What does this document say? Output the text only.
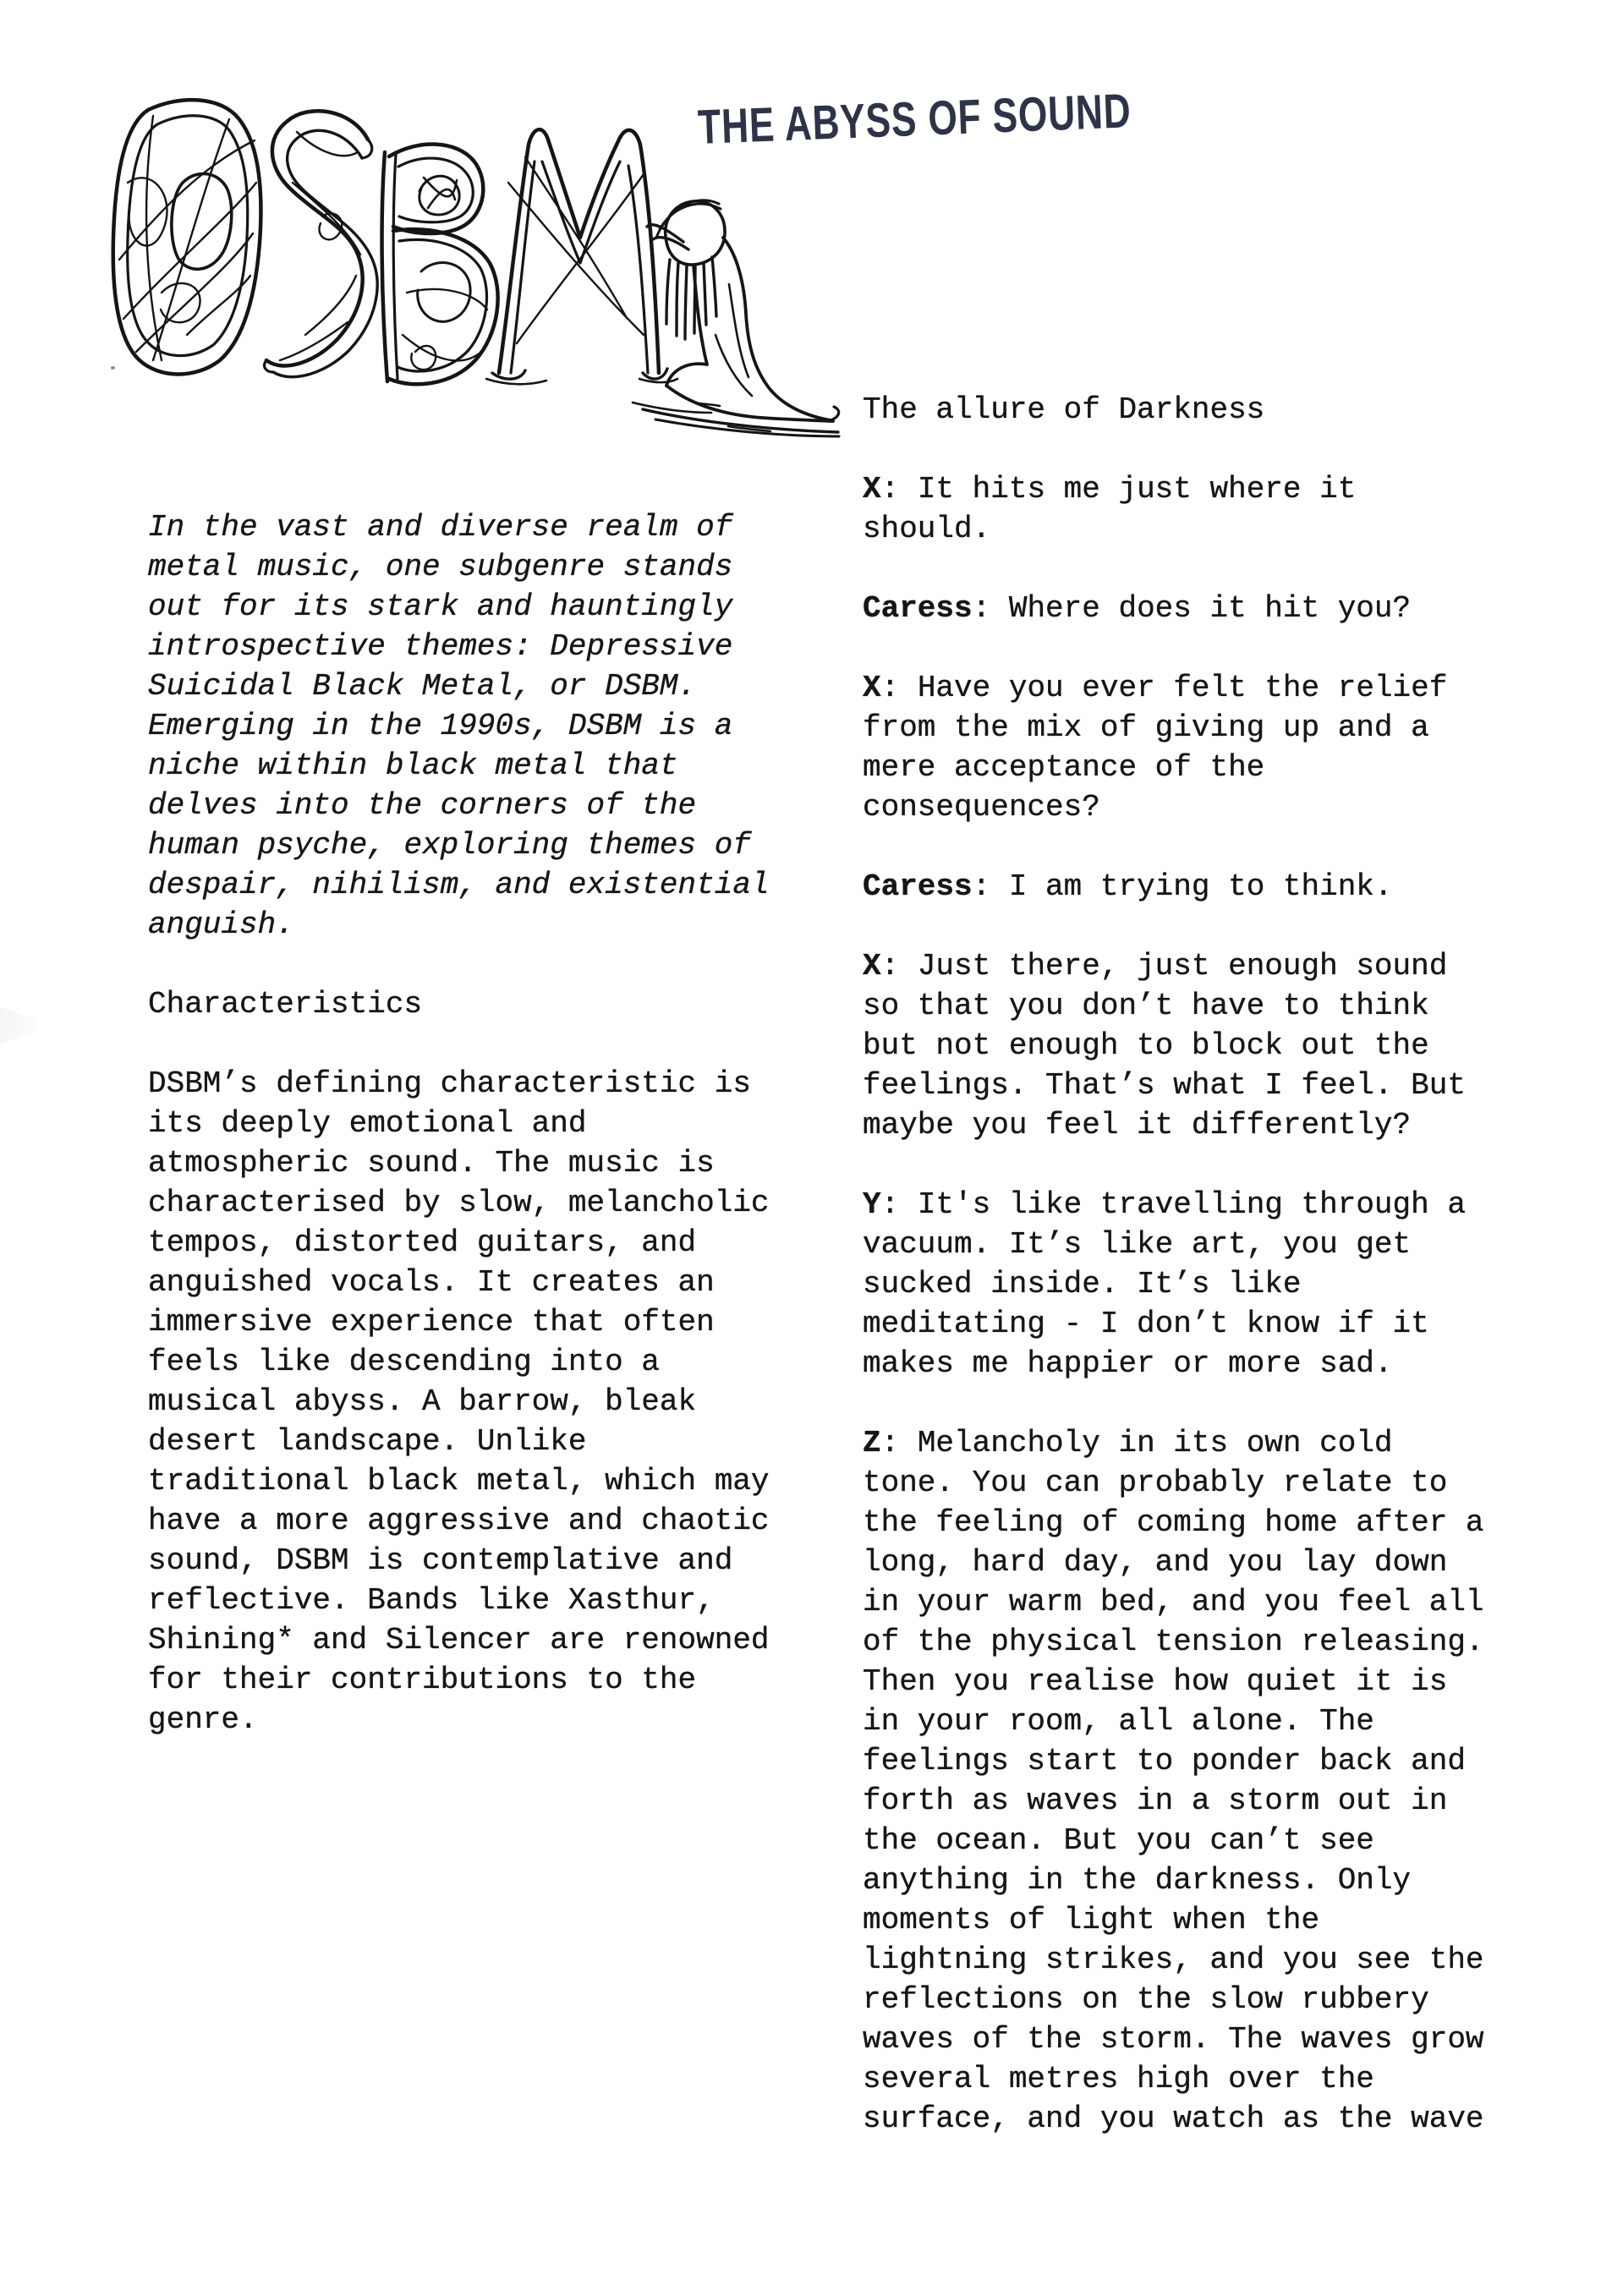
THE ABYSS OF SOUND

In the vast and diverse realm of metal music, one subgenre stands out for its stark and hauntingly introspective themes: Depressive Suicidal Black Metal, or DSBM. Emerging in the 1990s, DSBM is a niche within black metal that delves into the corners of the human psyche, exploring themes of despair, nihilism, and existential anguish.

Characteristics

DSBM’s defining characteristic is its deeply emotional and atmospheric sound. The music is characterised by slow, melancholic tempos, distorted guitars, and anguished vocals. It creates an immersive experience that often feels like descending into a musical abyss. A barrow, bleak desert landscape. Unlike traditional black metal, which may have a more aggressive and chaotic sound, DSBM is contemplative and reflective. Bands like Xasthur, Shining* and Silencer are renowned for their contributions to the genre.

The allure of Darkness

X: It hits me just where it should.

Caress: Where does it hit you?

X: Have you ever felt the relief from the mix of giving up and a mere acceptance of the consequences?

Caress: I am trying to think.

X: Just there, just enough sound so that you don’t have to think but not enough to block out the feelings. That’s what I feel. But maybe you feel it differently?

Y: It's like travelling through a vacuum. It’s like art, you get sucked inside. It’s like meditating - I don’t know if it makes me happier or more sad.

Z: Melancholy in its own cold tone. You can probably relate to the feeling of coming home after a long, hard day, and you lay down in your warm bed, and you feel all of the physical tension releasing. Then you realise how quiet it is in your room, all alone. The feelings start to ponder back and forth as waves in a storm out in the ocean. But you can’t see anything in the darkness. Only moments of light when the lightning strikes, and you see the reflections on the slow rubbery waves of the storm. The waves grow several metres high over the surface, and you watch as the wave
